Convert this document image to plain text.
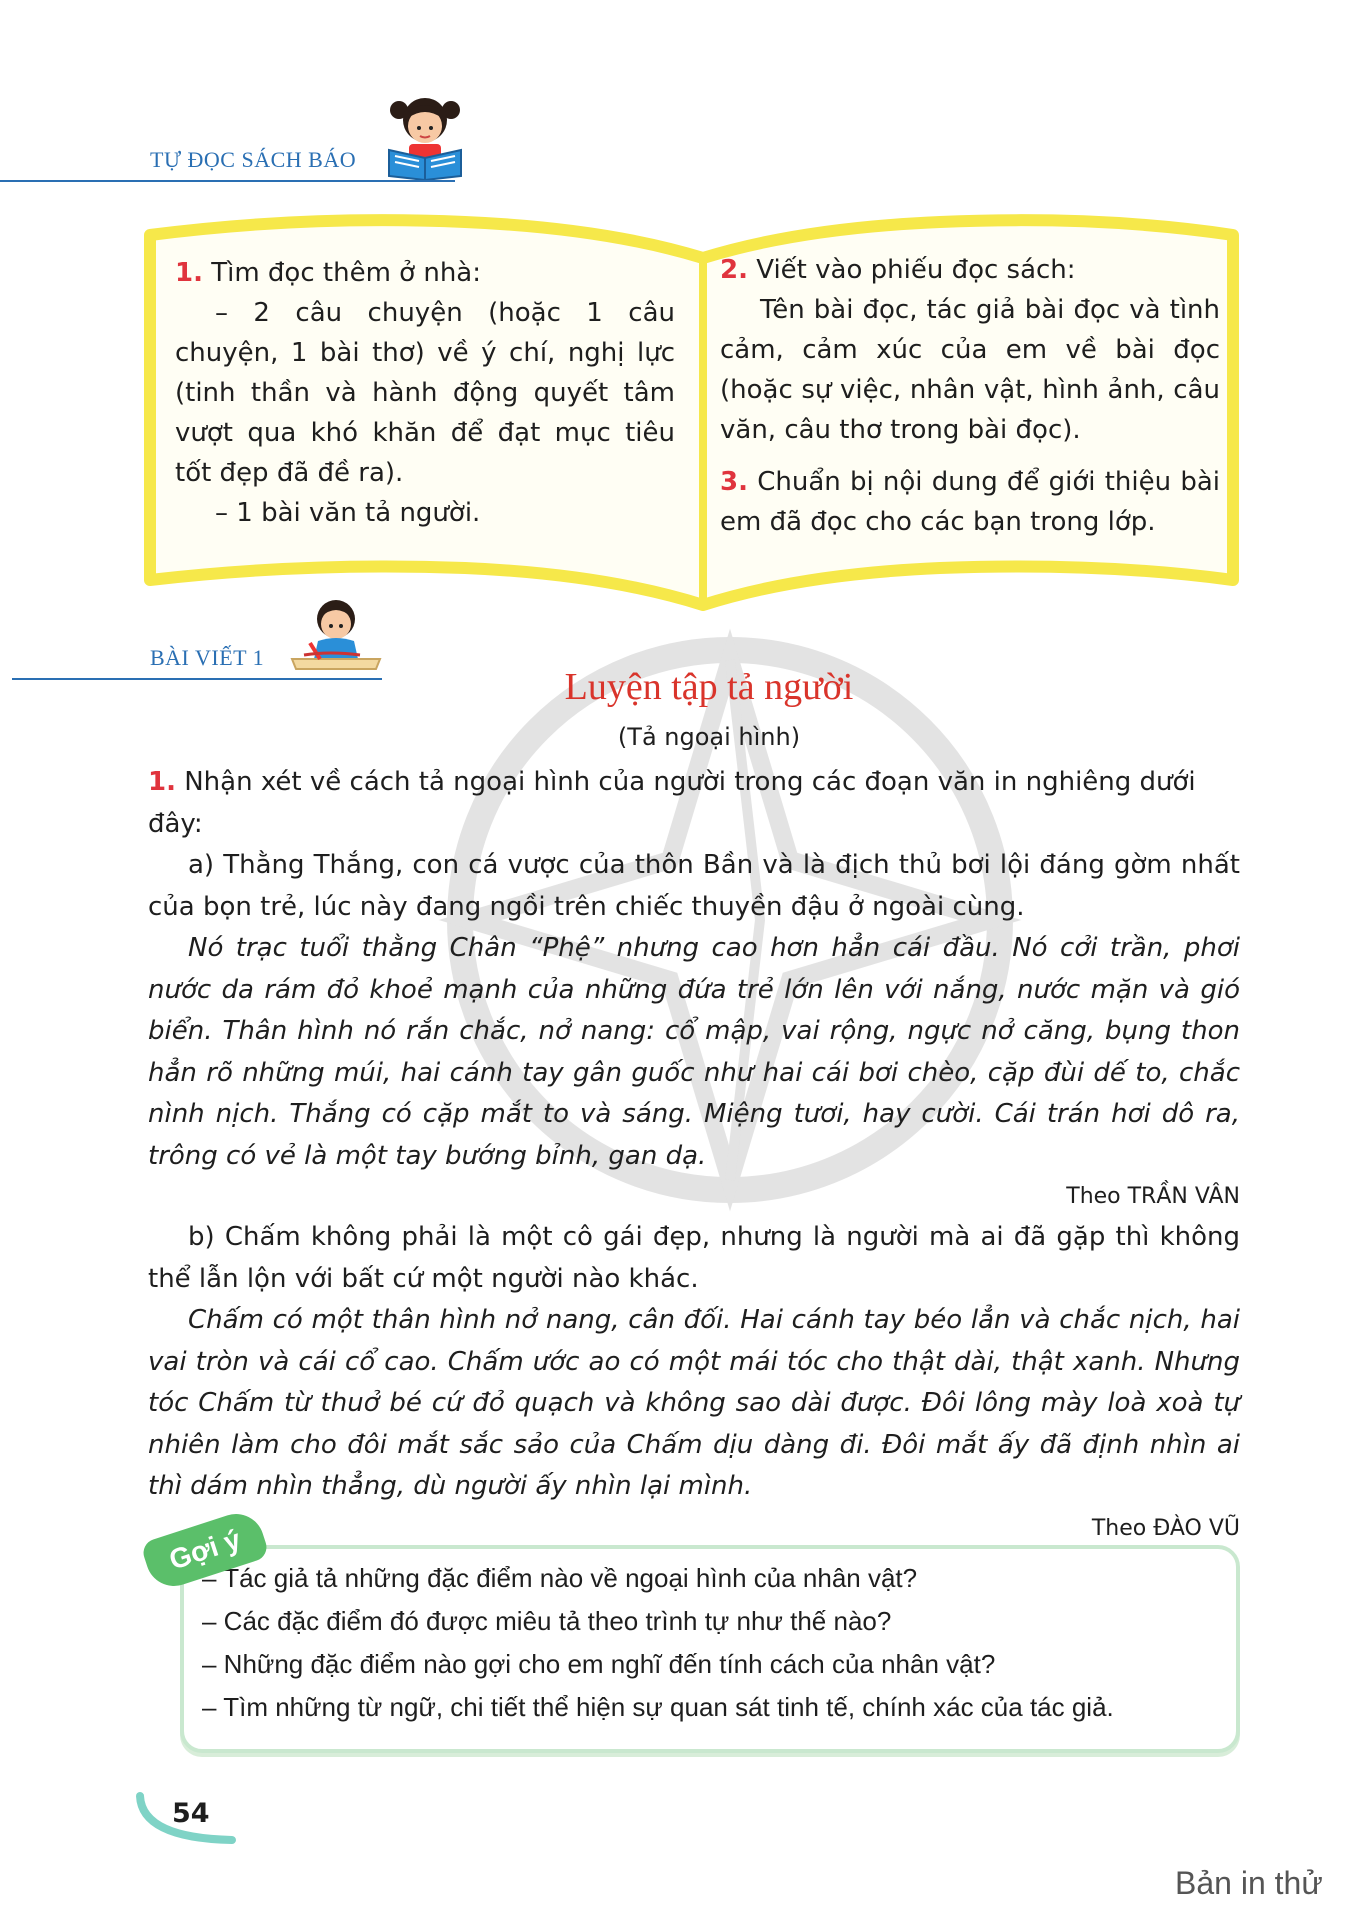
TỰ ĐỌC SÁCH BÁO

1. Tìm đọc thêm ở nhà:

– 2 câu chuyện (hoặc 1 câu chuyện, 1 bài thơ) về ý chí, nghị lực (tinh thần và hành động quyết tâm vượt qua khó khăn để đạt mục tiêu tốt đẹp đã đề ra).

– 1 bài văn tả người.

2. Viết vào phiếu đọc sách:

Tên bài đọc, tác giả bài đọc và tình cảm, cảm xúc của em về bài đọc (hoặc sự việc, nhân vật, hình ảnh, câu văn, câu thơ trong bài đọc).

3. Chuẩn bị nội dung để giới thiệu bài em đã đọc cho các bạn trong lớp.

BÀI VIẾT 1
Luyện tập tả người
(Tả ngoại hình)

1. Nhận xét về cách tả ngoại hình của người trong các đoạn văn in nghiêng dưới đây:

a) Thằng Thắng, con cá vược của thôn Bần và là địch thủ bơi lội đáng gờm nhất của bọn trẻ, lúc này đang ngồi trên chiếc thuyền đậu ở ngoài cùng.

Nó trạc tuổi thằng Chân “Phệ” nhưng cao hơn hẳn cái đầu. Nó cởi trần, phơi nước da rám đỏ khoẻ mạnh của những đứa trẻ lớn lên với nắng, nước mặn và gió biển. Thân hình nó rắn chắc, nở nang: cổ mập, vai rộng, ngực nở căng, bụng thon hẳn rõ những múi, hai cánh tay gân guốc như hai cái bơi chèo, cặp đùi dế to, chắc nình nịch. Thắng có cặp mắt to và sáng. Miệng tươi, hay cười. Cái trán hơi dô ra, trông có vẻ là một tay bướng bỉnh, gan dạ.

Theo TRẦN VÂN

b) Chấm không phải là một cô gái đẹp, nhưng là người mà ai đã gặp thì không thể lẫn lộn với bất cứ một người nào khác.

Chấm có một thân hình nở nang, cân đối. Hai cánh tay béo lẳn và chắc nịch, hai vai tròn và cái cổ cao. Chấm ước ao có một mái tóc cho thật dài, thật xanh. Nhưng tóc Chấm từ thuở bé cứ đỏ quạch và không sao dài được. Đôi lông mày loà xoà tự nhiên làm cho đôi mắt sắc sảo của Chấm dịu dàng đi. Đôi mắt ấy đã định nhìn ai thì dám nhìn thẳng, dù người ấy nhìn lại mình.

Theo ĐÀO VŨ

– Tác giả tả những đặc điểm nào về ngoại hình của nhân vật?
– Các đặc điểm đó được miêu tả theo trình tự như thế nào?
– Những đặc điểm nào gợi cho em nghĩ đến tính cách của nhân vật?
– Tìm những từ ngữ, chi tiết thể hiện sự quan sát tinh tế, chính xác của tác giả.
Gợi ý
54
Bản in thử
